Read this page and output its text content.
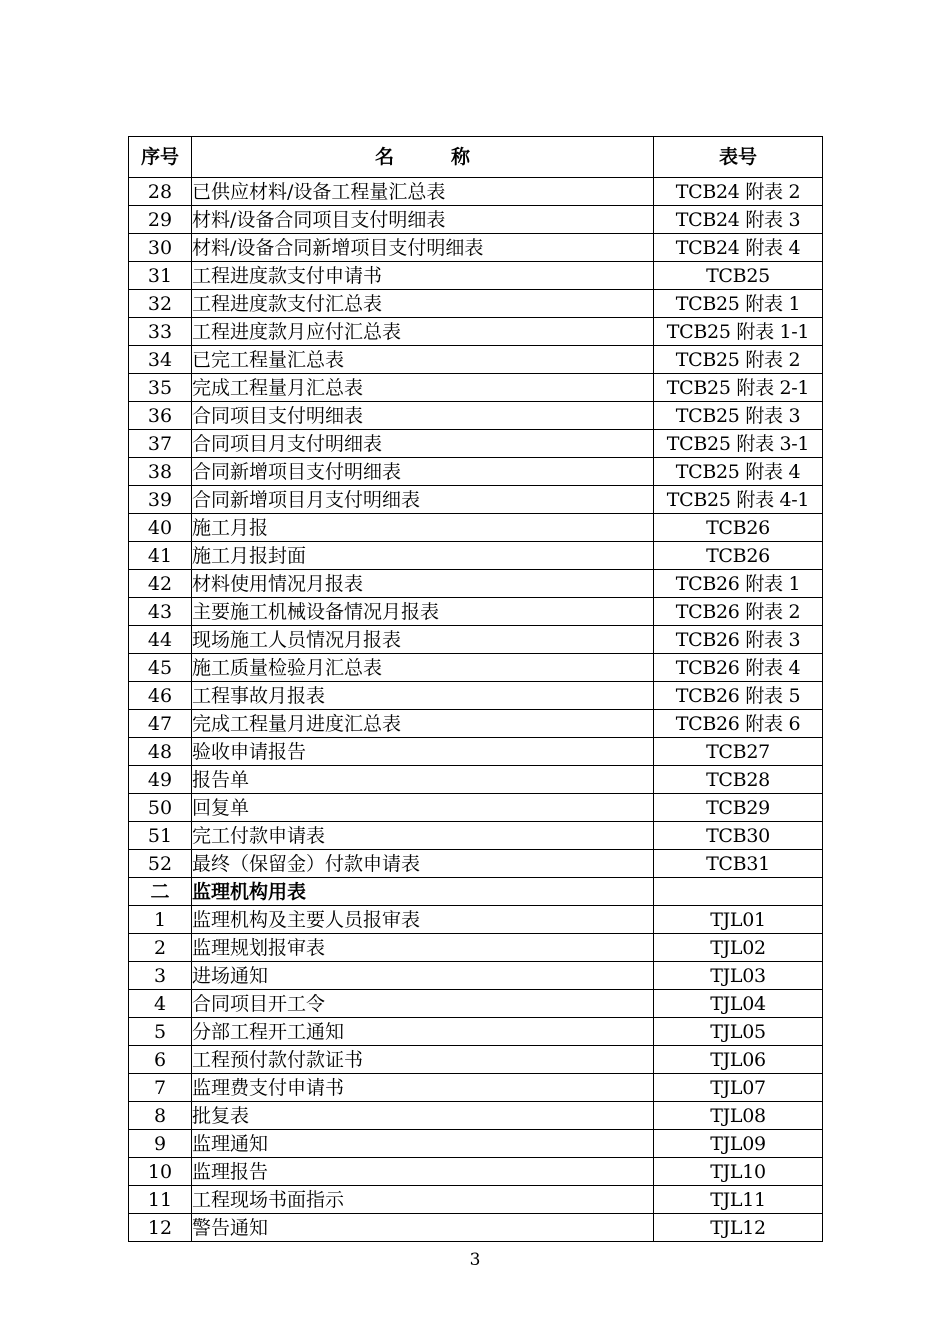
序号	名　　　称	表号
28	已供应材料/设备工程量汇总表	TCB24 附表 2
29	材料/设备合同项目支付明细表	TCB24 附表 3
30	材料/设备合同新增项目支付明细表	TCB24 附表 4
31	工程进度款支付申请书	TCB25
32	工程进度款支付汇总表	TCB25 附表 1
33	工程进度款月应付汇总表	TCB25 附表 1-1
34	已完工程量汇总表	TCB25 附表 2
35	完成工程量月汇总表	TCB25 附表 2-1
36	合同项目支付明细表	TCB25 附表 3
37	合同项目月支付明细表	TCB25 附表 3-1
38	合同新增项目支付明细表	TCB25 附表 4
39	合同新增项目月支付明细表	TCB25 附表 4-1
40	施工月报	TCB26
41	施工月报封面	TCB26
42	材料使用情况月报表	TCB26 附表 1
43	主要施工机械设备情况月报表	TCB26 附表 2
44	现场施工人员情况月报表	TCB26 附表 3
45	施工质量检验月汇总表	TCB26 附表 4
46	工程事故月报表	TCB26 附表 5
47	完成工程量月进度汇总表	TCB26 附表 6
48	验收申请报告	TCB27
49	报告单	TCB28
50	回复单	TCB29
51	完工付款申请表	TCB30
52	最终（保留金）付款申请表	TCB31
二	监理机构用表	
1	监理机构及主要人员报审表	TJL01
2	监理规划报审表	TJL02
3	进场通知	TJL03
4	合同项目开工令	TJL04
5	分部工程开工通知	TJL05
6	工程预付款付款证书	TJL06
7	监理费支付申请书	TJL07
8	批复表	TJL08
9	监理通知	TJL09
10	监理报告	TJL10
11	工程现场书面指示	TJL11
12	警告通知	TJL12
3
